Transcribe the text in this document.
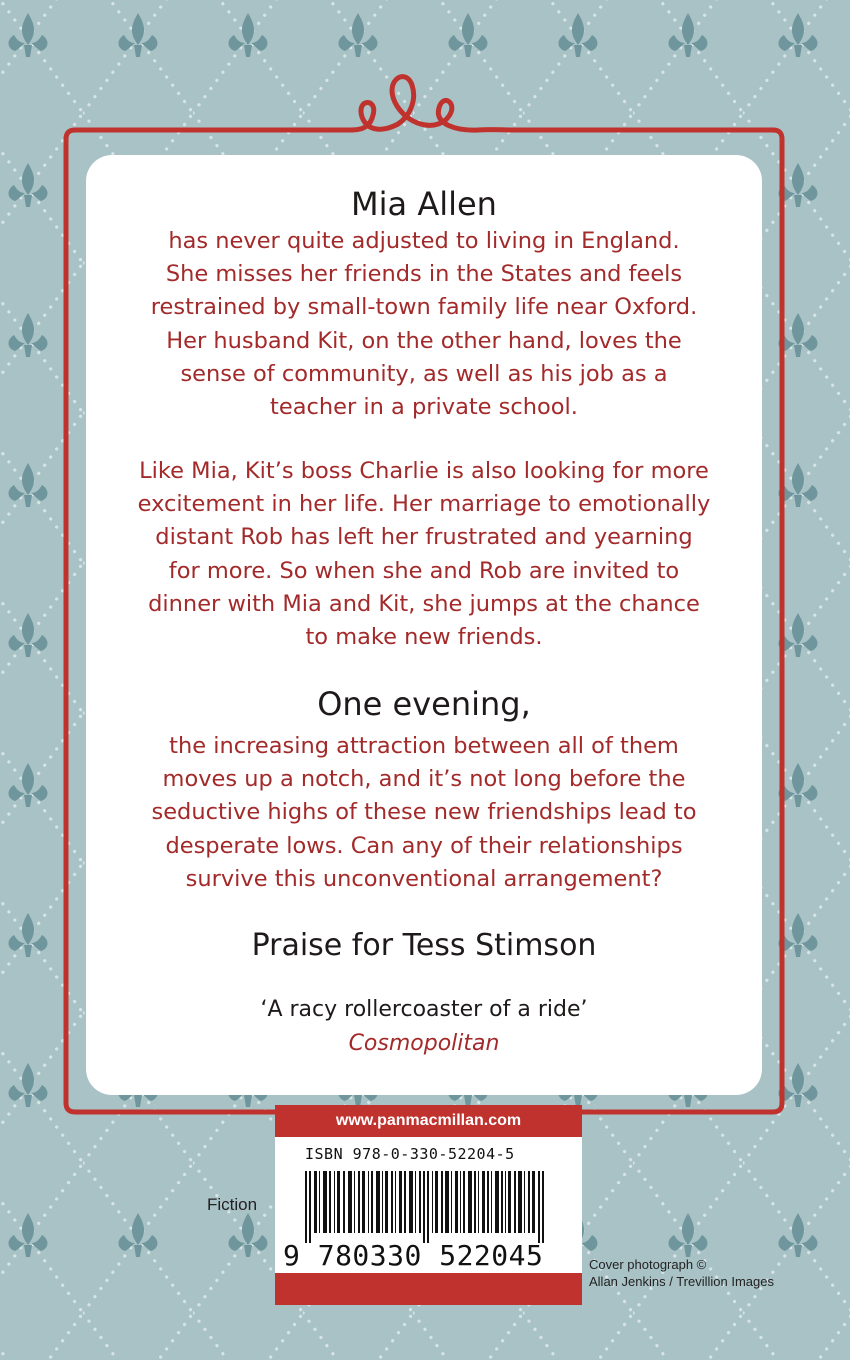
Mia Allen
has never quite adjusted to living in England.
She misses her friends in the States and feels
restrained by small-town family life near Oxford.
Her husband Kit, on the other hand, loves the
sense of community, as well as his job as a
teacher in a private school.
Like Mia, Kit’s boss Charlie is also looking for more
excitement in her life. Her marriage to emotionally
distant Rob has left her frustrated and yearning
for more. So when she and Rob are invited to
dinner with Mia and Kit, she jumps at the chance
to make new friends.
One evening,
the increasing attraction between all of them
moves up a notch, and it’s not long before the
seductive highs of these new friendships lead to
desperate lows. Can any of their relationships
survive this unconventional arrangement?
Praise for Tess Stimson
‘A racy rollercoaster of a ride’
Cosmopolitan
www.panmacmillan.com
ISBN 978-0-330-52204-5
9 780330 522045
Fiction
Cover photograph ©
Allan Jenkins / Trevillion Images
